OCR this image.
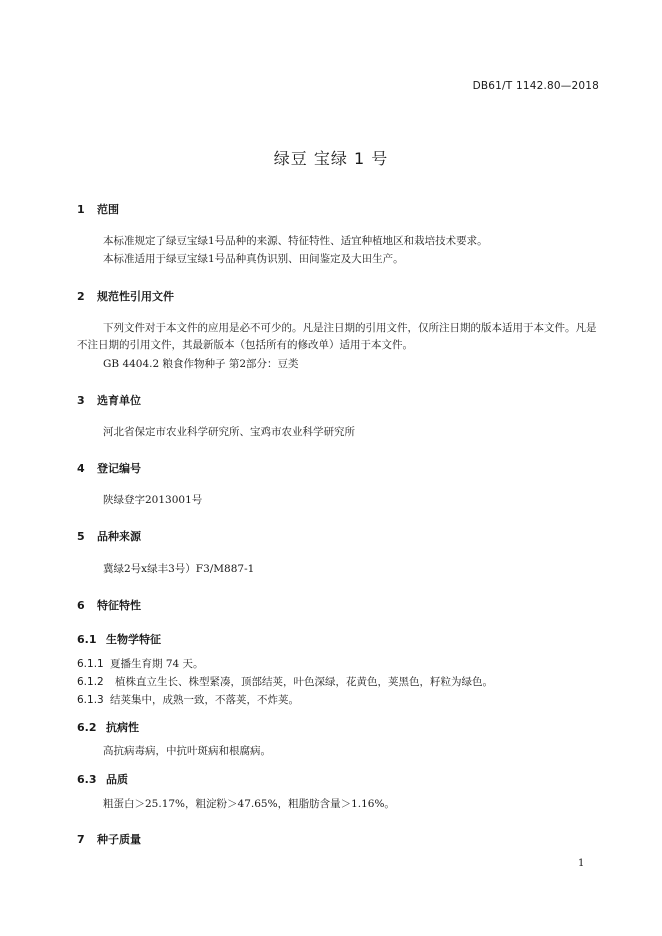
DB61/T 1142.80—2018
绿豆 宝绿 1 号
1 范围
本标准规定了绿豆宝绿1号品种的来源、特征特性、适宜种植地区和栽培技术要求。
本标准适用于绿豆宝绿1号品种真伪识别、田间鉴定及大田生产。
2 规范性引用文件
下列文件对于本文件的应用是必不可少的。凡是注日期的引用文件，仅所注日期的版本适用于本文件。凡是不注日期的引用文件，其最新版本（包括所有的修改单）适用于本文件。
GB 4404.2 粮食作物种子 第2部分：豆类
3 选育单位
河北省保定市农业科学研究所、宝鸡市农业科学研究所
4 登记编号
陕绿登字2013001号
5 品种来源
冀绿2号x绿丰3号）F3/M887-1
6 特征特性
6.1 生物学特征
6.1.1 夏播生育期 74 天。
6.1.2 植株直立生长、株型紧凑，顶部结荚，叶色深绿，花黄色，荚黑色，籽粒为绿色。
6.1.3 结荚集中，成熟一致，不落荚，不炸荚。
6.2 抗病性
高抗病毒病，中抗叶斑病和根腐病。
6.3 品质
粗蛋白＞25.17%，粗淀粉＞47.65%，粗脂肪含量＞1.16%。
7 种子质量
1
